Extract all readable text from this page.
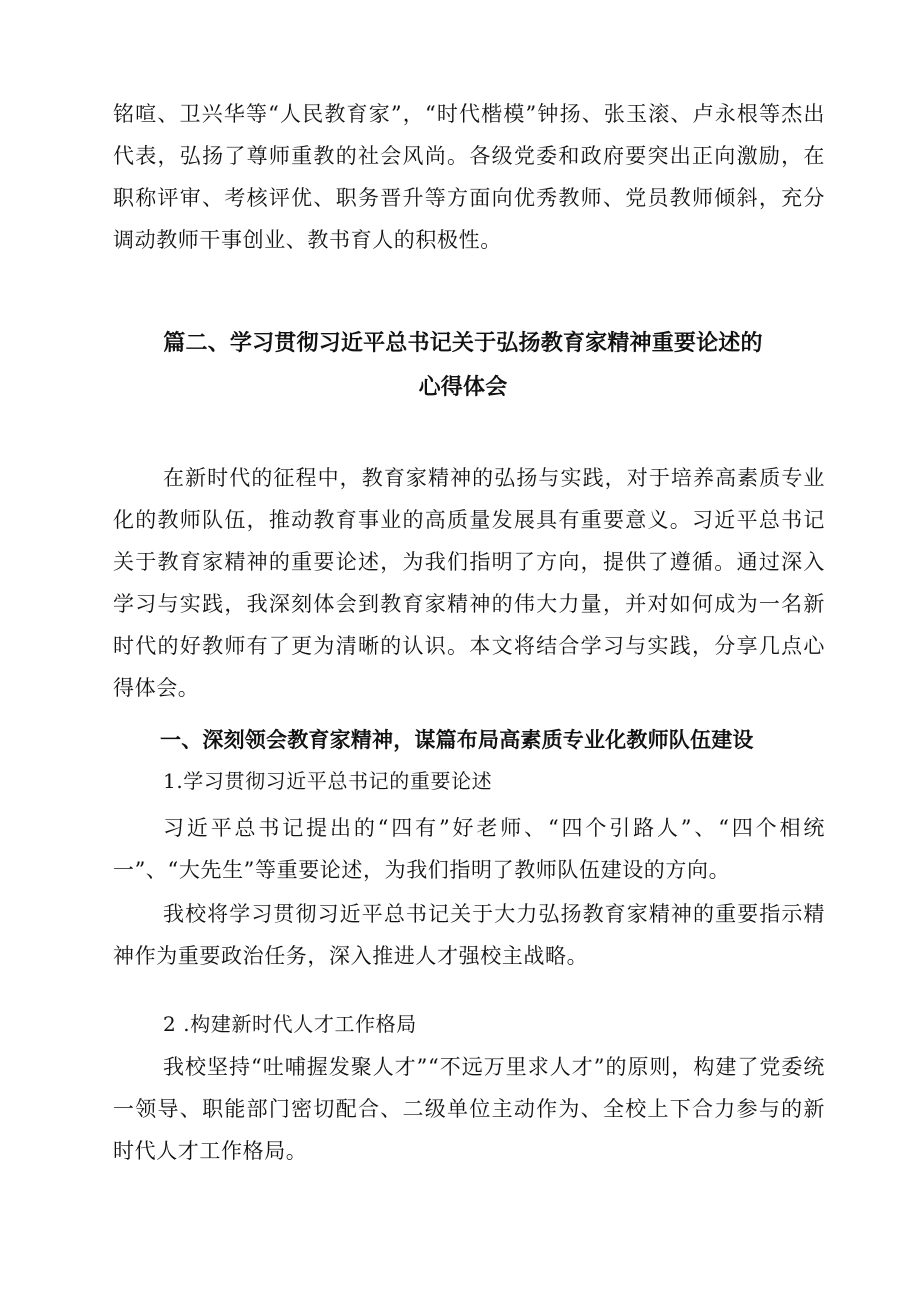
铭喧、卫兴华等“人民教育家”，“时代楷模”钟扬、张玉滚、卢永根等杰出代表，弘扬了尊师重教的社会风尚。各级党委和政府要突出正向激励，在职称评审、考核评优、职务晋升等方面向优秀教师、党员教师倾斜，充分调动教师干事创业、教书育人的积极性。

篇二、学习贯彻习近平总书记关于弘扬教育家精神重要论述的
心得体会

在新时代的征程中，教育家精神的弘扬与实践，对于培养高素质专业化的教师队伍，推动教育事业的高质量发展具有重要意义。习近平总书记关于教育家精神的重要论述，为我们指明了方向，提供了遵循。通过深入学习与实践，我深刻体会到教育家精神的伟大力量，并对如何成为一名新时代的好教师有了更为清晰的认识。本文将结合学习与实践，分享几点心得体会。

一、深刻领会教育家精神，谋篇布局高素质专业化教师队伍建设

1.学习贯彻习近平总书记的重要论述

习近平总书记提出的“四有”好老师、“四个引路人”、“四个相统一”、“大先生”等重要论述，为我们指明了教师队伍建设的方向。

我校将学习贯彻习近平总书记关于大力弘扬教育家精神的重要指示精神作为重要政治任务，深入推进人才强校主战略。

2 .构建新时代人才工作格局

我校坚持“吐哺握发聚人才”“不远万里求人才”的原则，构建了党委统一领导、职能部门密切配合、二级单位主动作为、全校上下合力参与的新时代人才工作格局。
